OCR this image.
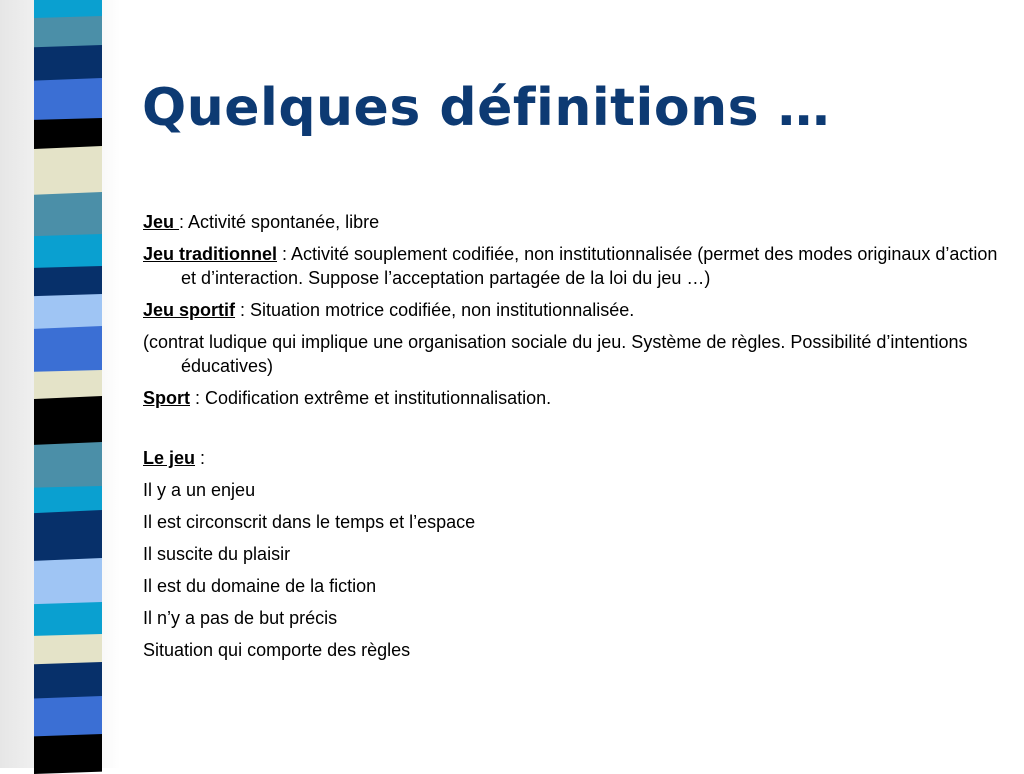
Quelques définitions …

Jeu : Activité spontanée, libre

Jeu traditionnel : Activité souplement codifiée, non institutionnalisée (permet des modes originaux d’action et d’interaction. Suppose l’acceptation partagée de la loi du jeu …)

Jeu sportif : Situation motrice codifiée, non institutionnalisée.

(contrat ludique qui implique une organisation sociale du jeu. Système de règles. Possibilité d’intentions éducatives)

Sport : Codification extrême et institutionnalisation.

Le jeu :

Il y a un enjeu

Il est circonscrit dans le temps et l’espace

Il suscite du plaisir

Il est du domaine de la fiction

Il n’y a pas de but précis

Situation qui comporte des règles
